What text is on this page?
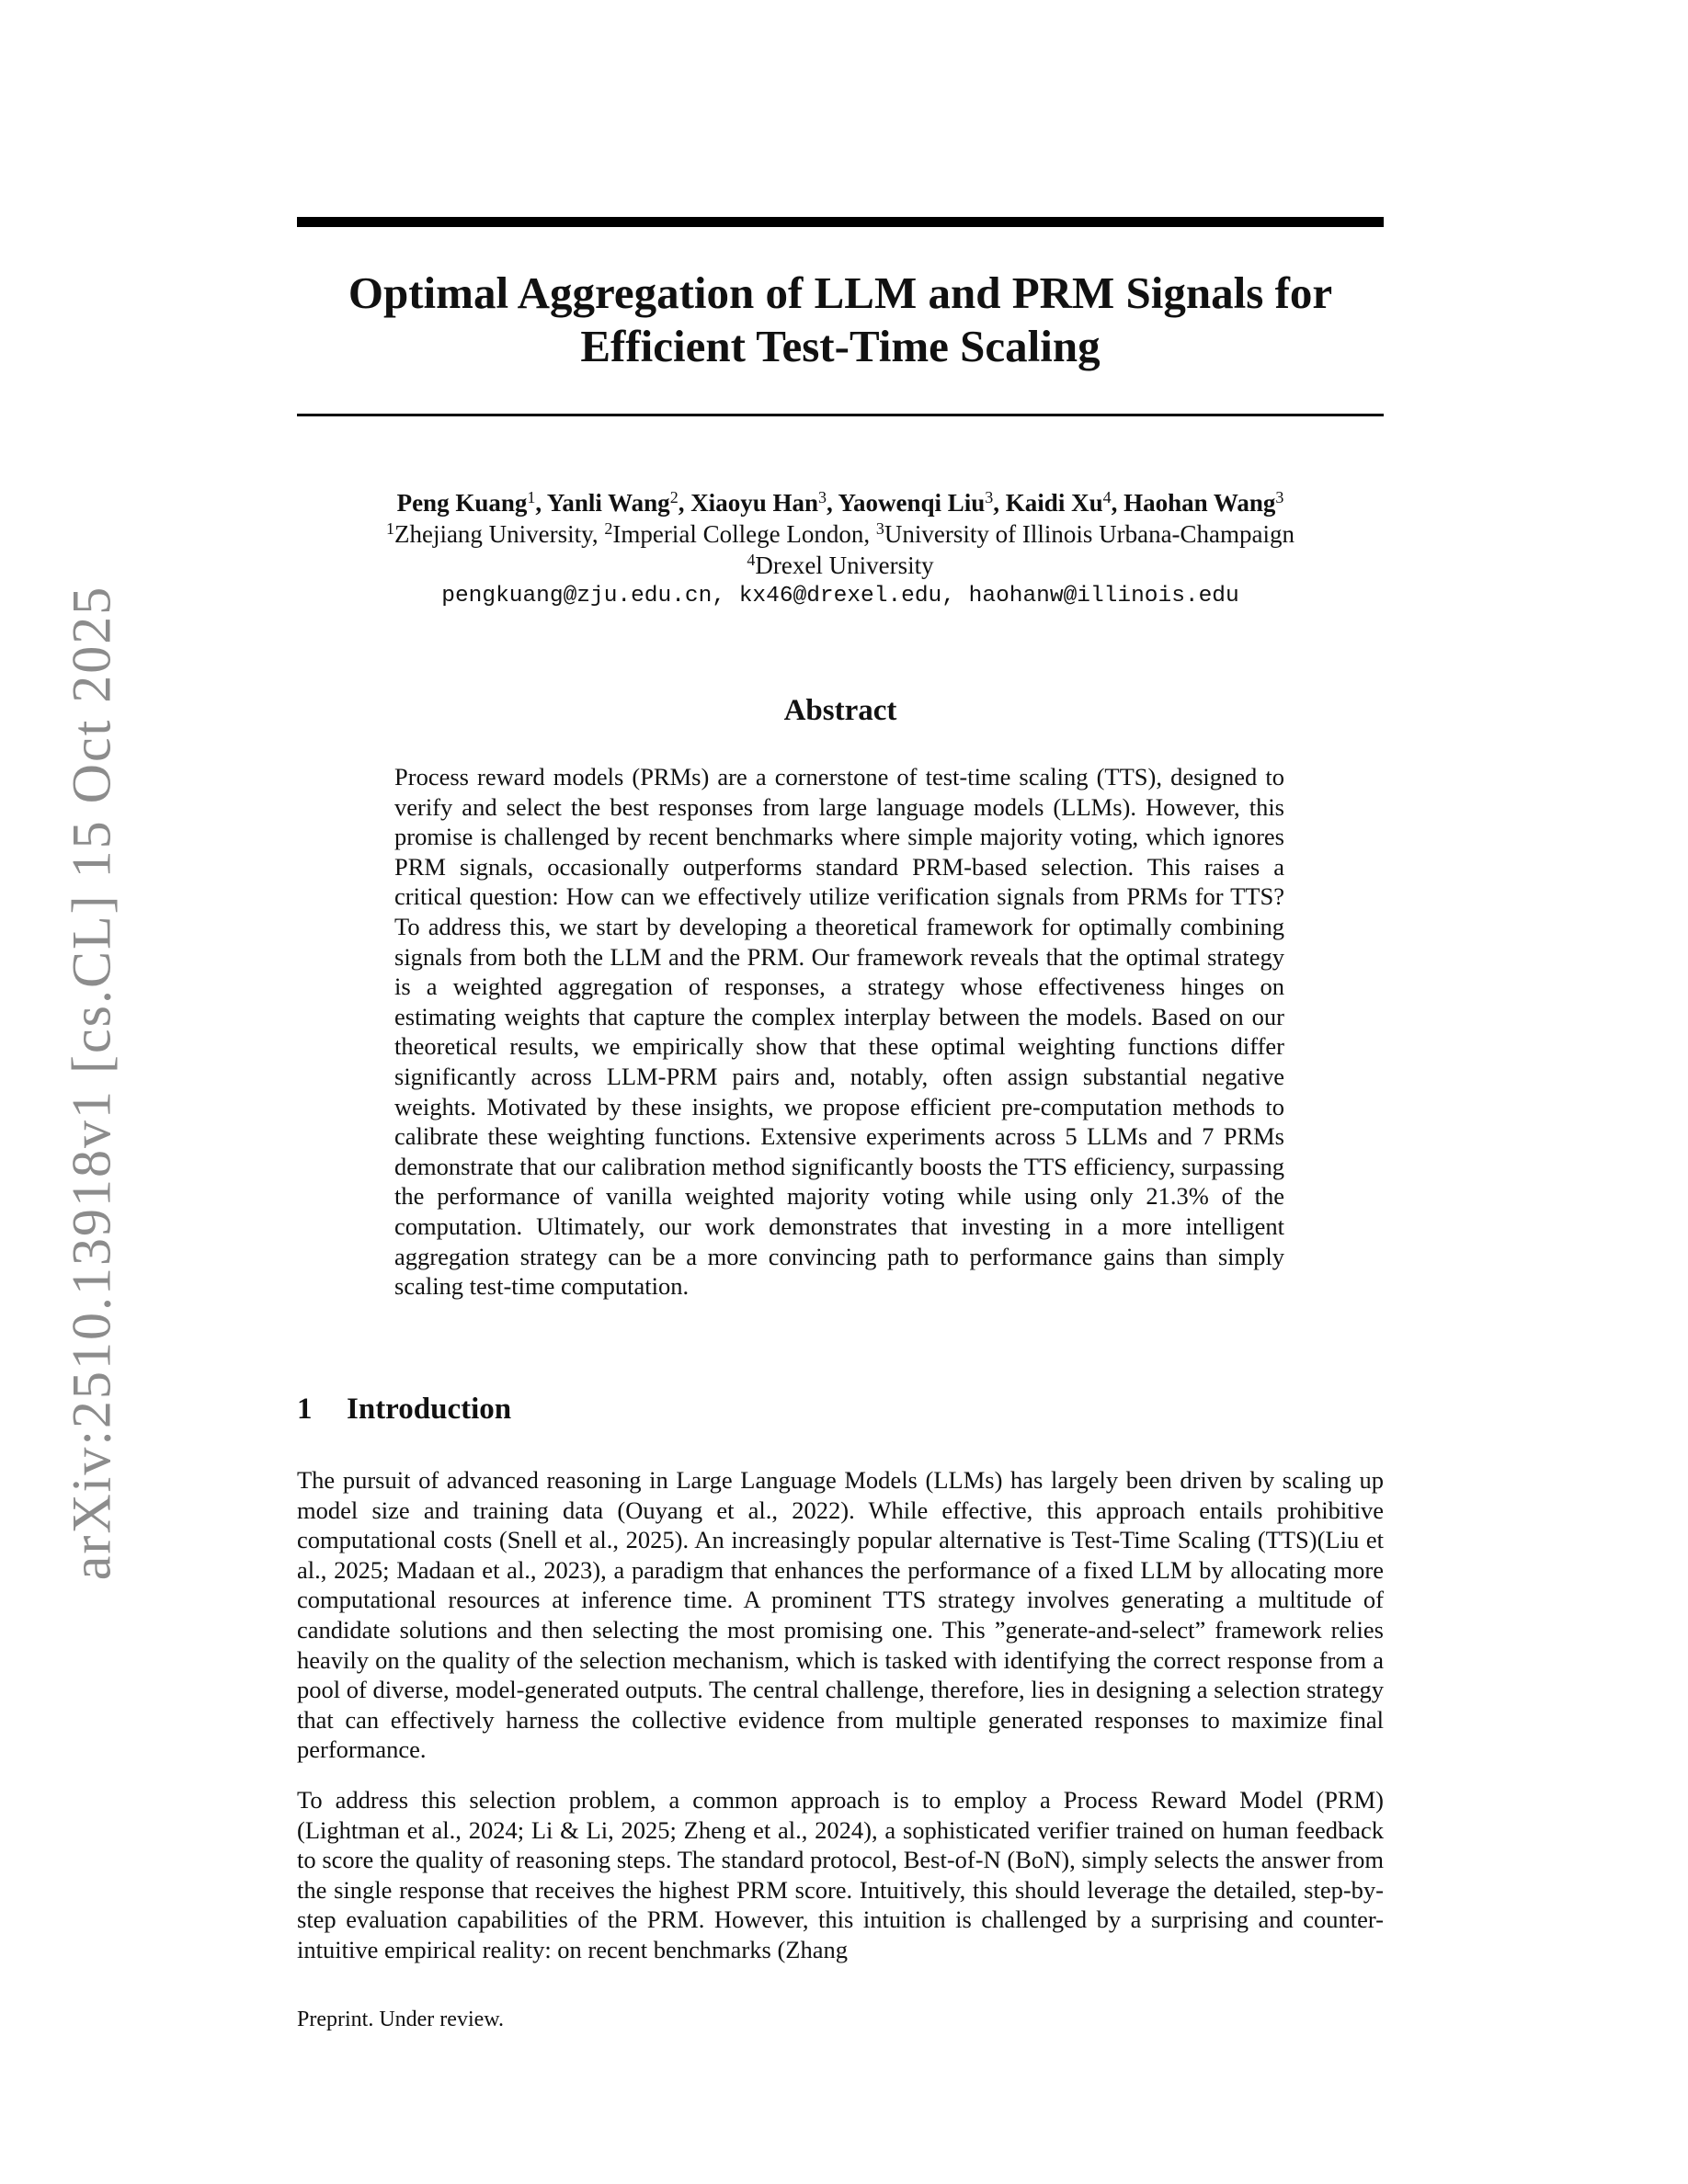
arXiv:2510.13918v1 [cs.CL] 15 Oct 2025
Optimal Aggregation of LLM and PRM Signals for
Efficient Test-Time Scaling
Peng Kuang$^1$, Yanli Wang$^2$, Xiaoyu Han$^3$, Yaowenqi Liu$^3$, Kaidi Xu$^4$, Haohan Wang$^3$
$^1$Zhejiang University, $^2$Imperial College London, $^3$University of Illinois Urbana-Champaign
$^4$Drexel University
pengkuang@zju.edu.cn, kx46@drexel.edu, haohanw@illinois.edu
Abstract

Process reward models (PRMs) are a cornerstone of test-time scaling (TTS), designed to verify and select the best responses from large language models (LLMs). However, this promise is challenged by recent benchmarks where simple majority voting, which ignores PRM signals, occasionally outperforms standard PRM-based selection. This raises a critical question: How can we effectively utilize verification signals from PRMs for TTS? To address this, we start by developing a theoretical framework for optimally combining signals from both the LLM and the PRM. Our framework reveals that the optimal strategy is a weighted aggregation of responses, a strategy whose effectiveness hinges on estimating weights that capture the complex interplay between the models. Based on our theoretical results, we empirically show that these optimal weighting functions differ significantly across LLM-PRM pairs and, notably, often assign substantial negative weights. Motivated by these insights, we propose efficient pre-computation methods to calibrate these weighting functions. Extensive experiments across 5 LLMs and 7 PRMs demonstrate that our calibration method significantly boosts the TTS efficiency, surpassing the performance of vanilla weighted majority voting while using only 21.3% of the computation. Ultimately, our work demonstrates that investing in a more intelligent aggregation strategy can be a more convincing path to performance gains than simply scaling test-time computation.

1 Introduction

The pursuit of advanced reasoning in Large Language Models (LLMs) has largely been driven by scaling up model size and training data (Ouyang et al., 2022). While effective, this approach entails prohibitive computational costs (Snell et al., 2025). An increasingly popular alternative is Test-Time Scaling (TTS)(Liu et al., 2025; Madaan et al., 2023), a paradigm that enhances the performance of a fixed LLM by allocating more computational resources at inference time. A prominent TTS strategy involves generating a multitude of candidate solutions and then selecting the most promising one. This ”generate-and-select” framework relies heavily on the quality of the selection mechanism, which is tasked with identifying the correct response from a pool of diverse, model-generated outputs. The central challenge, therefore, lies in designing a selection strategy that can effectively harness the collective evidence from multiple generated responses to maximize final performance.

To address this selection problem, a common approach is to employ a Process Reward Model (PRM) (Lightman et al., 2024; Li & Li, 2025; Zheng et al., 2024), a sophisticated verifier trained on human feedback to score the quality of reasoning steps. The standard protocol, Best-of-N (BoN), simply selects the answer from the single response that receives the highest PRM score. Intuitively, this should leverage the detailed, step-by-step evaluation capabilities of the PRM. However, this intuition is challenged by a surprising and counter-intuitive empirical reality: on recent benchmarks (Zhang

Preprint. Under review.
